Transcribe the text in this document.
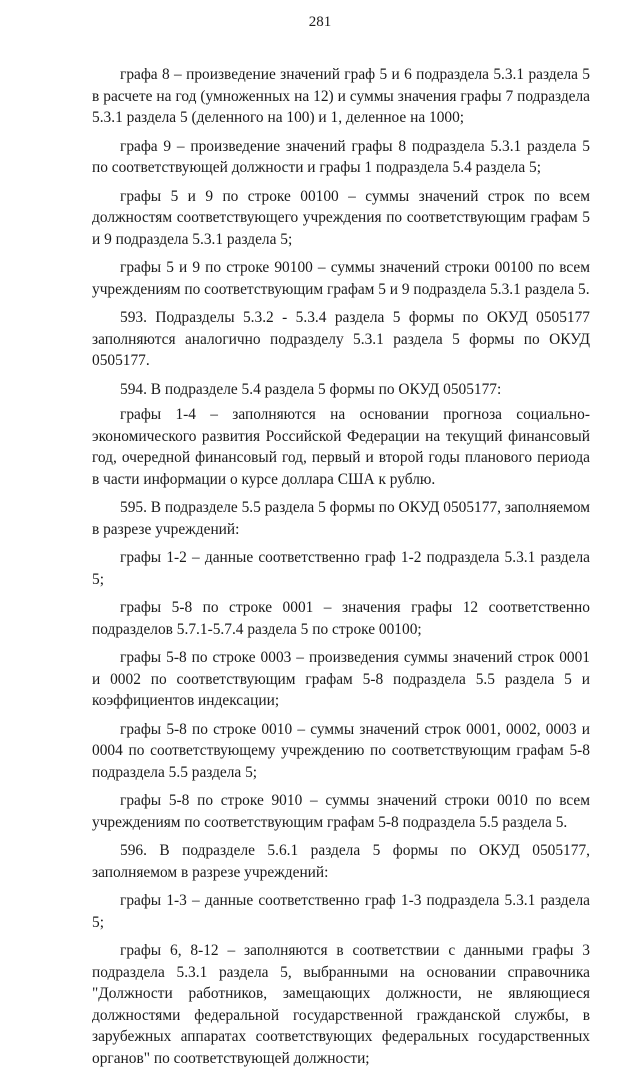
281

графа 8 – произведение значений граф 5 и 6 подраздела 5.3.1 раздела 5 в расчете на год (умноженных на 12) и суммы значения графы 7 подраздела 5.3.1 раздела 5 (деленного на 100) и 1, деленное на 1000;

графа 9 – произведение значений графы 8 подраздела 5.3.1 раздела 5 по соответствующей должности и графы 1 подраздела 5.4 раздела 5;

графы 5 и 9 по строке 00100 – суммы значений строк по всем должностям соответствующего учреждения по соответствующим графам 5 и 9 подраздела 5.3.1 раздела 5;

графы 5 и 9 по строке 90100 – суммы значений строки 00100 по всем учреждениям по соответствующим графам 5 и 9 подраздела 5.3.1 раздела 5.

593. Подразделы 5.3.2 - 5.3.4 раздела 5 формы по ОКУД 0505177 заполняются аналогично подразделу 5.3.1 раздела 5 формы по ОКУД 0505177.

594. В подразделе 5.4 раздела 5 формы по ОКУД 0505177:

графы 1-4 – заполняются на основании прогноза социально-экономического развития Российской Федерации на текущий финансовый год, очередной финансовый год, первый и второй годы планового периода в части информации о курсе доллара США к рублю.

595. В подразделе 5.5 раздела 5 формы по ОКУД 0505177, заполняемом в разрезе учреждений:

графы 1-2 – данные соответственно граф 1-2 подраздела 5.3.1 раздела 5;

графы 5-8 по строке 0001 – значения графы 12 соответственно подразделов 5.7.1-5.7.4 раздела 5 по строке 00100;

графы 5-8 по строке 0003 – произведения суммы значений строк 0001 и 0002 по соответствующим графам 5-8 подраздела 5.5 раздела 5 и коэффициентов индексации;

графы 5-8 по строке 0010 – суммы значений строк 0001, 0002, 0003 и 0004 по соответствующему учреждению по соответствующим графам 5-8 подраздела 5.5 раздела 5;

графы 5-8 по строке 9010 – суммы значений строки 0010 по всем учреждениям по соответствующим графам 5-8 подраздела 5.5 раздела 5.

596. В подразделе 5.6.1 раздела 5 формы по ОКУД 0505177, заполняемом в разрезе учреждений:

графы 1-3 – данные соответственно граф 1-3 подраздела 5.3.1 раздела 5;

графы 6, 8-12 – заполняются в соответствии с данными графы 3 подраздела 5.3.1 раздела 5, выбранными на основании справочника "Должности работников, замещающих должности, не являющиеся должностями федеральной государственной гражданской службы, в зарубежных аппаратах соответствующих федеральных государственных органов" по соответствующей должности;
